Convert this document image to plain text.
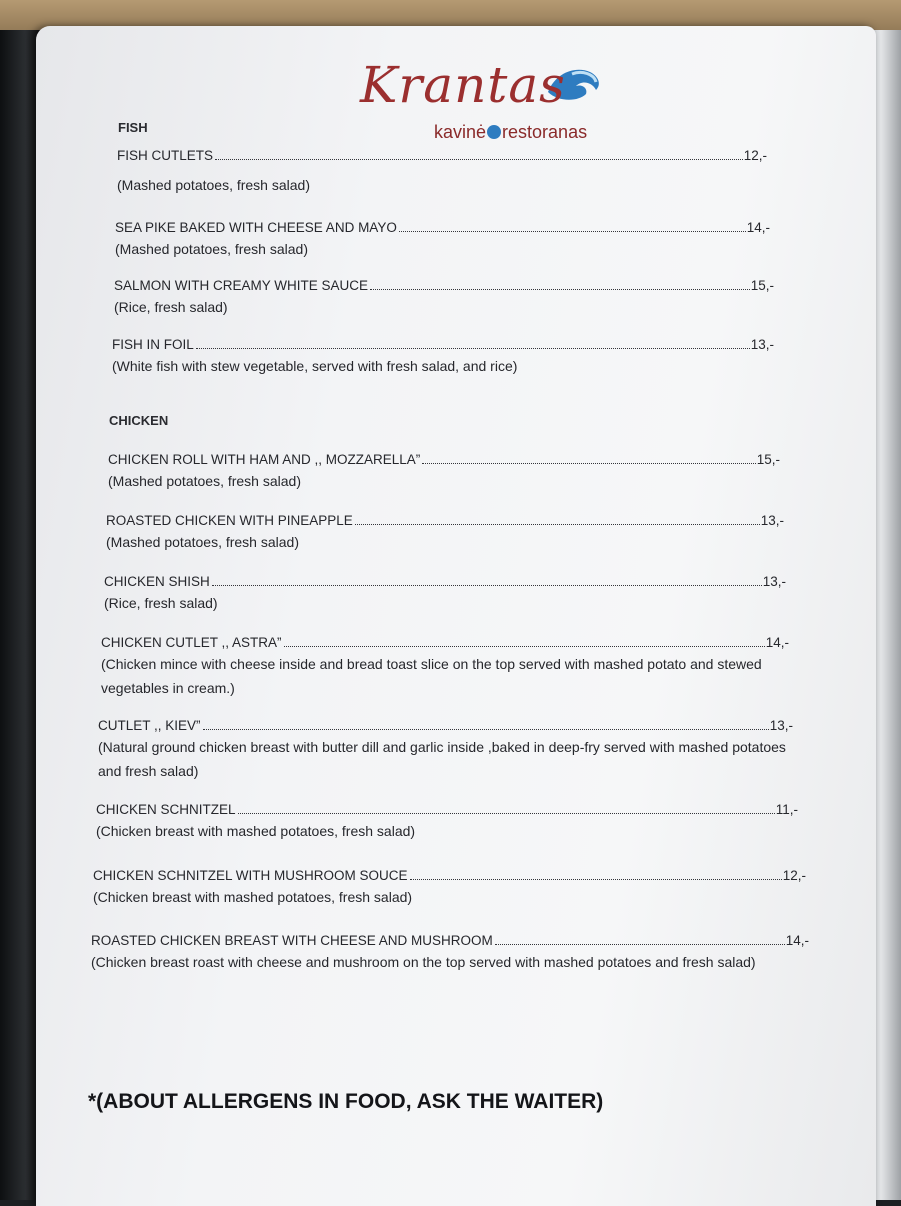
Krantas
kavinė restoranas
FISH
FISH CUTLETS	12,-
(Mashed potatoes, fresh salad)
SEA PIKE BAKED WITH CHEESE AND MAYO	14,-
(Mashed potatoes, fresh salad)
SALMON WITH CREAMY WHITE SAUCE	15,-
(Rice, fresh salad)
FISH IN FOIL	13,-
(White fish with stew vegetable, served with fresh salad, and rice)
CHICKEN
CHICKEN ROLL WITH HAM AND ,, MOZZARELLA”	15,-
(Mashed potatoes, fresh salad)
ROASTED CHICKEN WITH PINEAPPLE	13,-
(Mashed potatoes, fresh salad)
CHICKEN SHISH	13,-
(Rice, fresh salad)
CHICKEN CUTLET ,, ASTRA”	14,-
(Chicken mince with cheese inside and bread toast slice on the top served with mashed potato and stewed vegetables in cream.)
CUTLET ,, KIEV”	13,-
(Natural ground chicken breast with butter dill and garlic inside ,baked in deep-fry served with mashed potatoes and fresh salad)
CHICKEN SCHNITZEL	11,-
(Chicken breast with mashed potatoes, fresh salad)
CHICKEN SCHNITZEL WITH MUSHROOM SOUCE	12,-
(Chicken breast with mashed potatoes, fresh salad)
ROASTED CHICKEN BREAST WITH CHEESE AND MUSHROOM	14,-
(Chicken breast roast with cheese and mushroom on the top served with mashed potatoes and fresh salad)
*(ABOUT ALLERGENS IN FOOD, ASK THE WAITER)
